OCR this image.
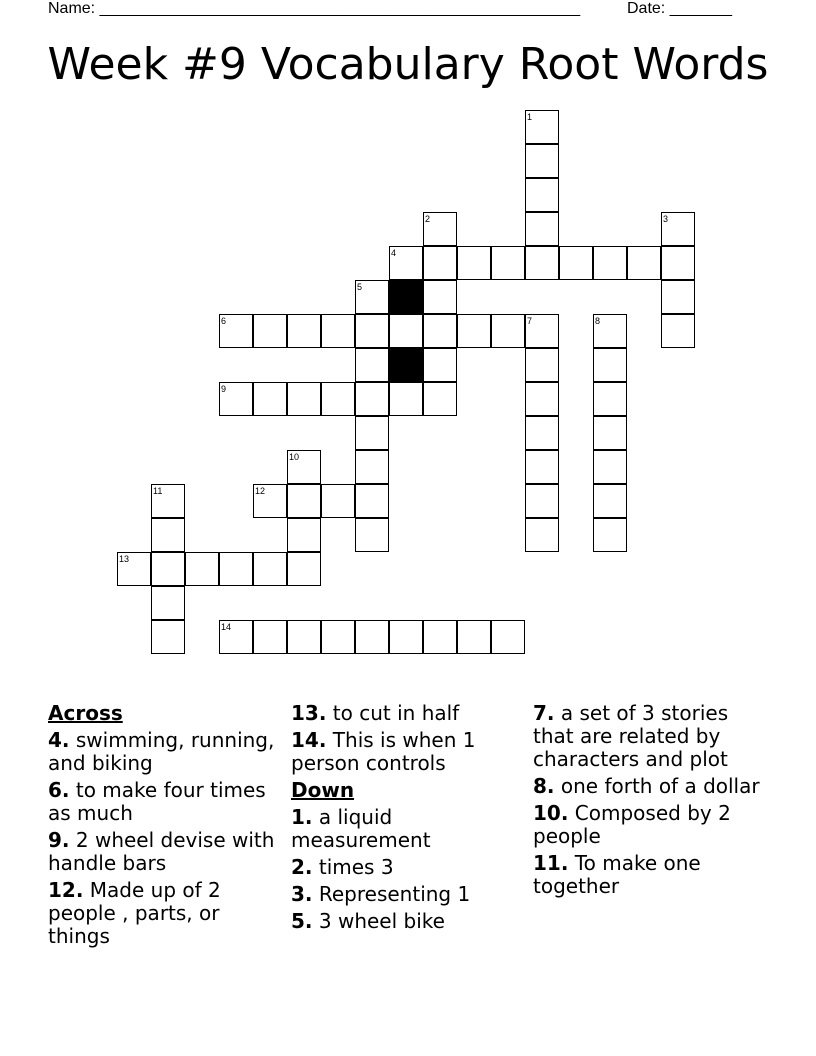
Name: ______________________________________________________	Date: _______
Week #9 Vocabulary Root Words
1
2	3
4
5
6	7	8
9
10
11	12
13
14
Across
4. swimming, running, and biking
6. to make four times as much
9. 2 wheel devise with handle bars
12. Made up of 2 people , parts, or things
13. to cut in half
14. This is when 1 person controls
Down
1. a liquid measurement
2. times 3
3. Representing 1
5. 3 wheel bike
7. a set of 3 stories that are related by characters and plot
8. one forth of a dollar
10. Composed by 2 people
11. To make one together
